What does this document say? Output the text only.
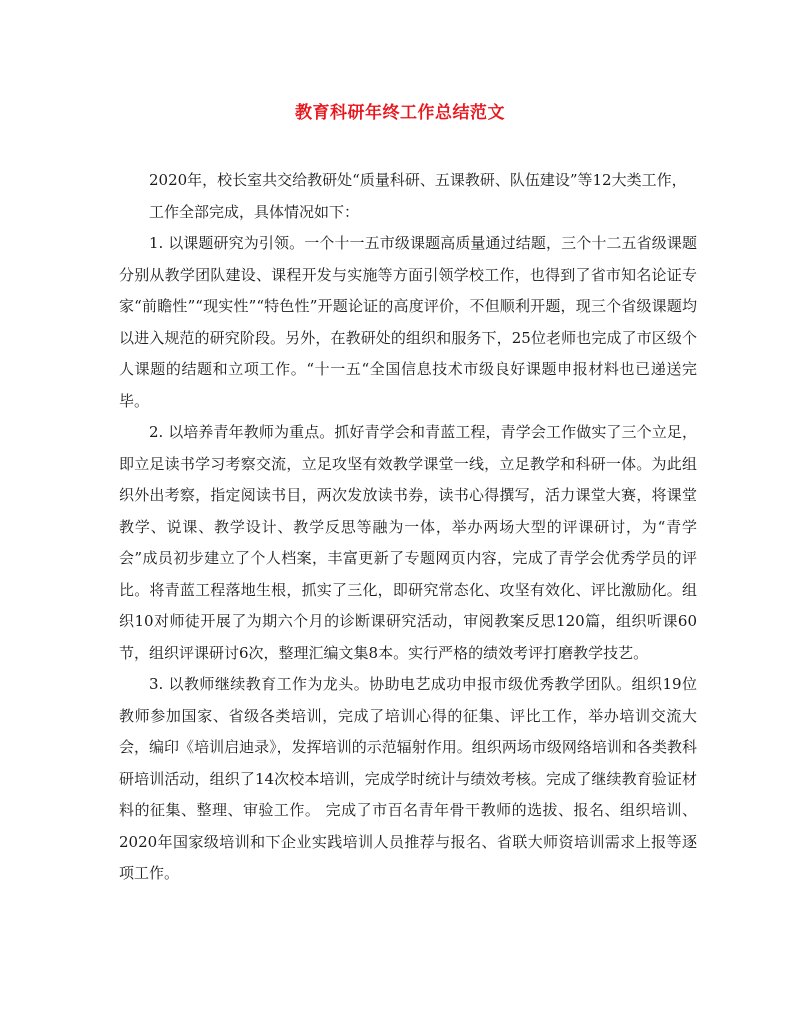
教育科研年终工作总结范文

2020年，校长室共交给教研处“质量科研、五课教研、队伍建设”等12大类工作，

工作全部完成，具体情况如下：

1. 以课题研究为引领。一个十一五市级课题高质量通过结题，三个十二五省级课题分别从教学团队建设、课程开发与实施等方面引领学校工作，也得到了省市知名论证专家“前瞻性”“现实性”“特色性”开题论证的高度评价，不但顺利开题，现三个省级课题均以进入规范的研究阶段。另外，在教研处的组织和服务下，25位老师也完成了市区级个人课题的结题和立项工作。“十一五“全国信息技术市级良好课题申报材料也已递送完毕。

2. 以培养青年教师为重点。抓好青学会和青蓝工程，青学会工作做实了三个立足，即立足读书学习考察交流，立足攻坚有效教学课堂一线，立足教学和科研一体。为此组织外出考察，指定阅读书目，两次发放读书券，读书心得撰写，活力课堂大赛，将课堂教学、说课、教学设计、教学反思等融为一体，举办两场大型的评课研讨，为“青学会”成员初步建立了个人档案，丰富更新了专题网页内容，完成了青学会优秀学员的评比。将青蓝工程落地生根，抓实了三化，即研究常态化、攻坚有效化、评比激励化。组织10对师徒开展了为期六个月的诊断课研究活动，审阅教案反思120篇，组织听课60节，组织评课研讨6次，整理汇编文集8本。实行严格的绩效考评打磨教学技艺。

3. 以教师继续教育工作为龙头。协助电艺成功申报市级优秀教学团队。组织19位教师参加国家、省级各类培训，完成了培训心得的征集、评比工作，举办培训交流大会，编印《培训启迪录》，发挥培训的示范辐射作用。组织两场市级网络培训和各类教科研培训活动，组织了14次校本培训，完成学时统计与绩效考核。完成了继续教育验证材料的征集、整理、审验工作。 完成了市百名青年骨干教师的选拔、报名、组织培训、2020年国家级培训和下企业实践培训人员推荐与报名、省联大师资培训需求上报等逐项工作。
